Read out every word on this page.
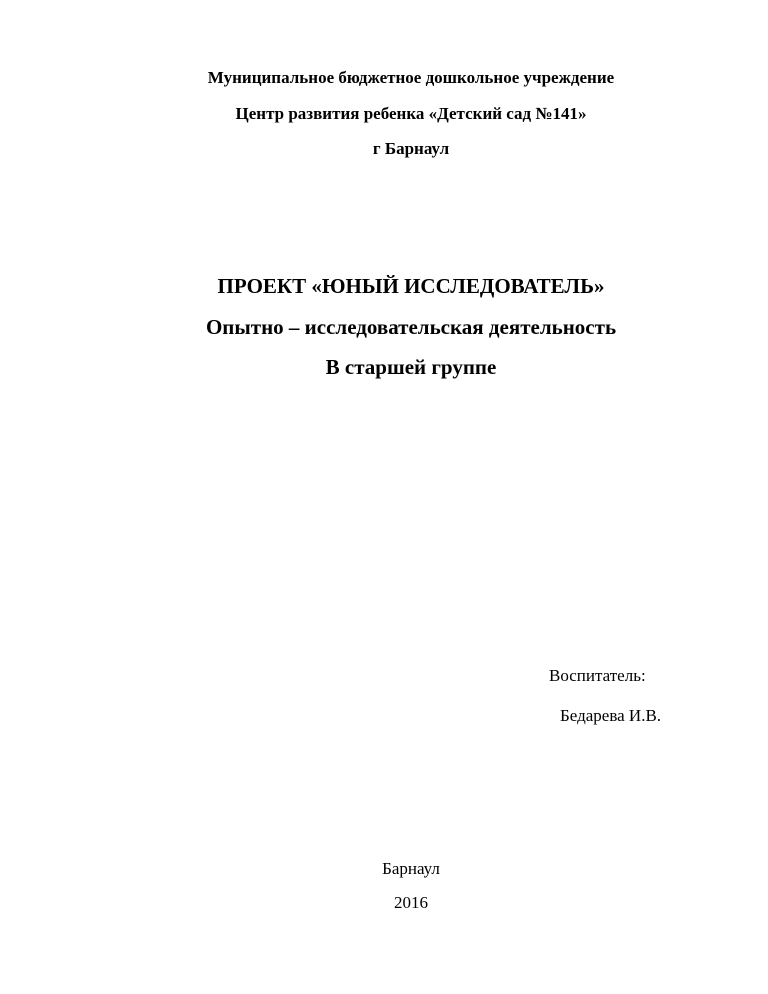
Муниципальное бюджетное дошкольное учреждение
Центр развития ребенка «Детский сад №141»
г Барнаул
ПРОЕКТ «ЮНЫЙ ИССЛЕДОВАТЕЛЬ»
Опытно – исследовательская деятельность
В старшей группе
Воспитатель:
Бедарева И.В.
Барнаул
2016
